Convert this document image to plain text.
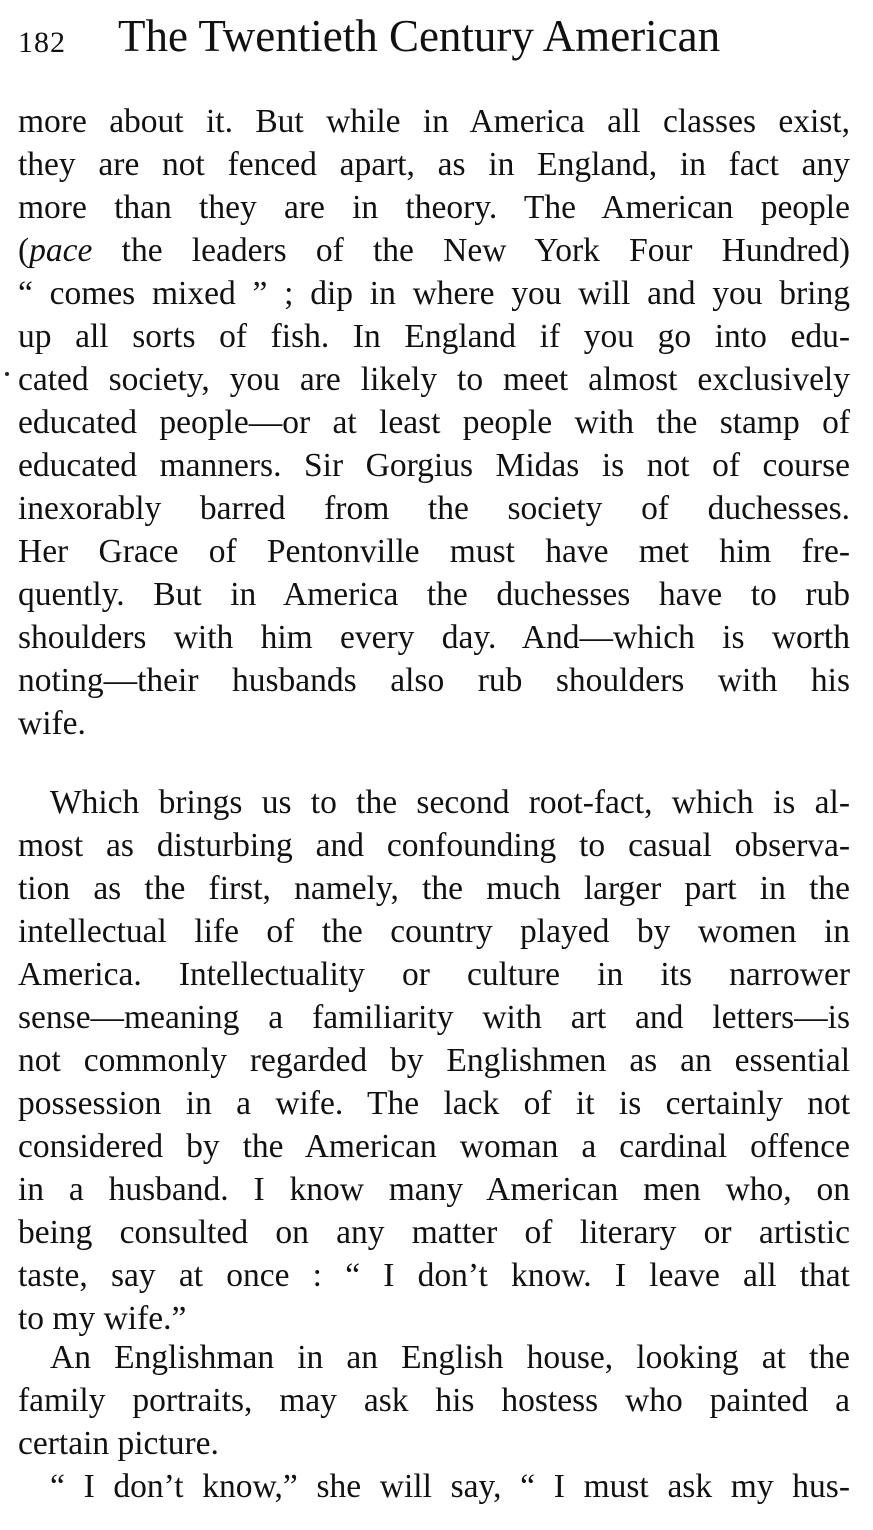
182 The Twentieth Century American
more about it. But while in America all classes exist,
they are not fenced apart, as in England, in fact any
more than they are in theory. The American people
(pace the leaders of the New York Four Hundred)
“ comes mixed ” ; dip in where you will and you bring
up all sorts of fish. In England if you go into edu-
cated society, you are likely to meet almost exclusively
educated people—or at least people with the stamp of
educated manners. Sir Gorgius Midas is not of course
inexorably barred from the society of duchesses.
Her Grace of Pentonville must have met him fre-
quently. But in America the duchesses have to rub
shoulders with him every day. And—which is worth
noting—their husbands also rub shoulders with his
wife.
Which brings us to the second root-fact, which is al-
most as disturbing and confounding to casual observa-
tion as the first, namely, the much larger part in the
intellectual life of the country played by women in
America. Intellectuality or culture in its narrower
sense—meaning a familiarity with art and letters—is
not commonly regarded by Englishmen as an essential
possession in a wife. The lack of it is certainly not
considered by the American woman a cardinal offence
in a husband. I know many American men who, on
being consulted on any matter of literary or artistic
taste, say at once : “ I don’t know. I leave all that
to my wife.”
An Englishman in an English house, looking at the
family portraits, may ask his hostess who painted a
certain picture.
“ I don’t know,” she will say, “ I must ask my hus-
